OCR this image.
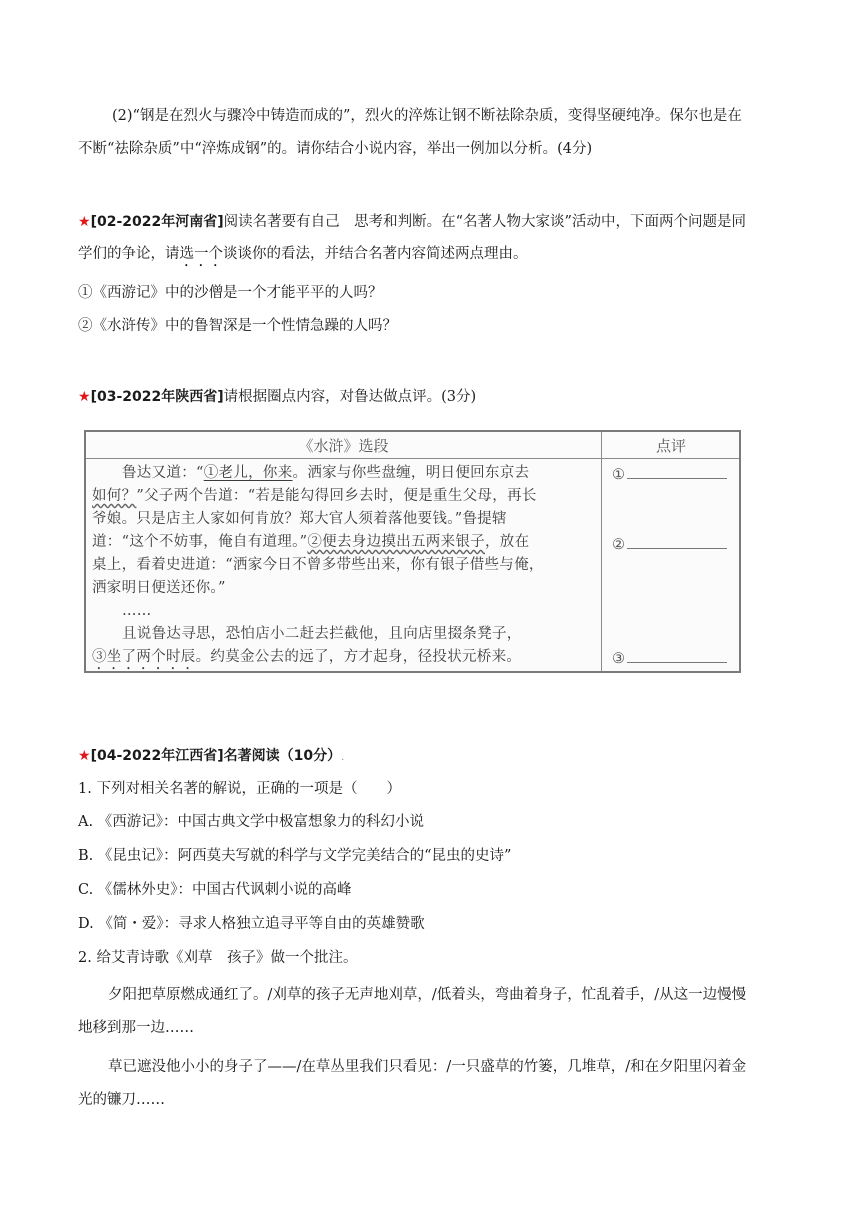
(2)“钢是在烈火与骤冷中铸造而成的”，烈火的淬炼让钢不断祛除杂质，变得坚硬纯净。保尔也是在
不断“祛除杂质”中“淬炼成钢”的。请你结合小说内容，举出一例加以分析。(4分)
★[02-2022年河南省]阅读名著要有自己　思考和判断。在“名著人物大家谈”活动中，下面两个问题是同
学们的争论，请选一个谈谈你的看法，并结合名著内容简述两点理由。
①《西游记》中的沙僧是一个才能平平的人吗？
②《水浒传》中的鲁智深是一个性情急躁的人吗？
★[03-2022年陕西省]请根据圈点内容，对鲁达做点评。(3分)
《水浒》选段	点评
鲁达又道：“①老儿，你来。洒家与你些盘缠，明日便回东京去
如何？”父子两个告道：“若是能勾得回乡去时，便是重生父母，再长
爷娘。只是店主人家如何肯放？郑大官人须着落他要钱。”鲁提辖
道：“这个不妨事，俺自有道理。”②便去身边摸出五两来银子，放在
桌上，看着史进道：“洒家今日不曾多带些出来，你有银子借些与俺，
洒家明日便送还你。”
……
且说鲁达寻思，恐怕店小二赶去拦截他，且向店里掇条凳子，
③坐了两个时辰。约莫金公去的远了，方才起身，径投状元桥来。
①
②
③
★[04-2022年江西省]名著阅读（10分）.
1. 下列对相关名著的解说，正确的一项是（　　）
A. 《西游记》：中国古典文学中极富想象力的科幻小说
B. 《昆虫记》：阿西莫夫写就的科学与文学完美结合的“昆虫的史诗”
C. 《儒林外史》：中国古代讽刺小说的高峰
D. 《简・爱》：寻求人格独立追寻平等自由的英雄赞歌
2. 给艾青诗歌《刈草　孩子》做一个批注。
夕阳把草原燃成通红了。/刈草的孩子无声地刈草，/低着头，弯曲着身子，忙乱着手，/从这一边慢慢
地移到那一边……
草已遮没他小小的身子了——/在草丛里我们只看见：/一只盛草的竹篓，几堆草，/和在夕阳里闪着金
光的镰刀……
